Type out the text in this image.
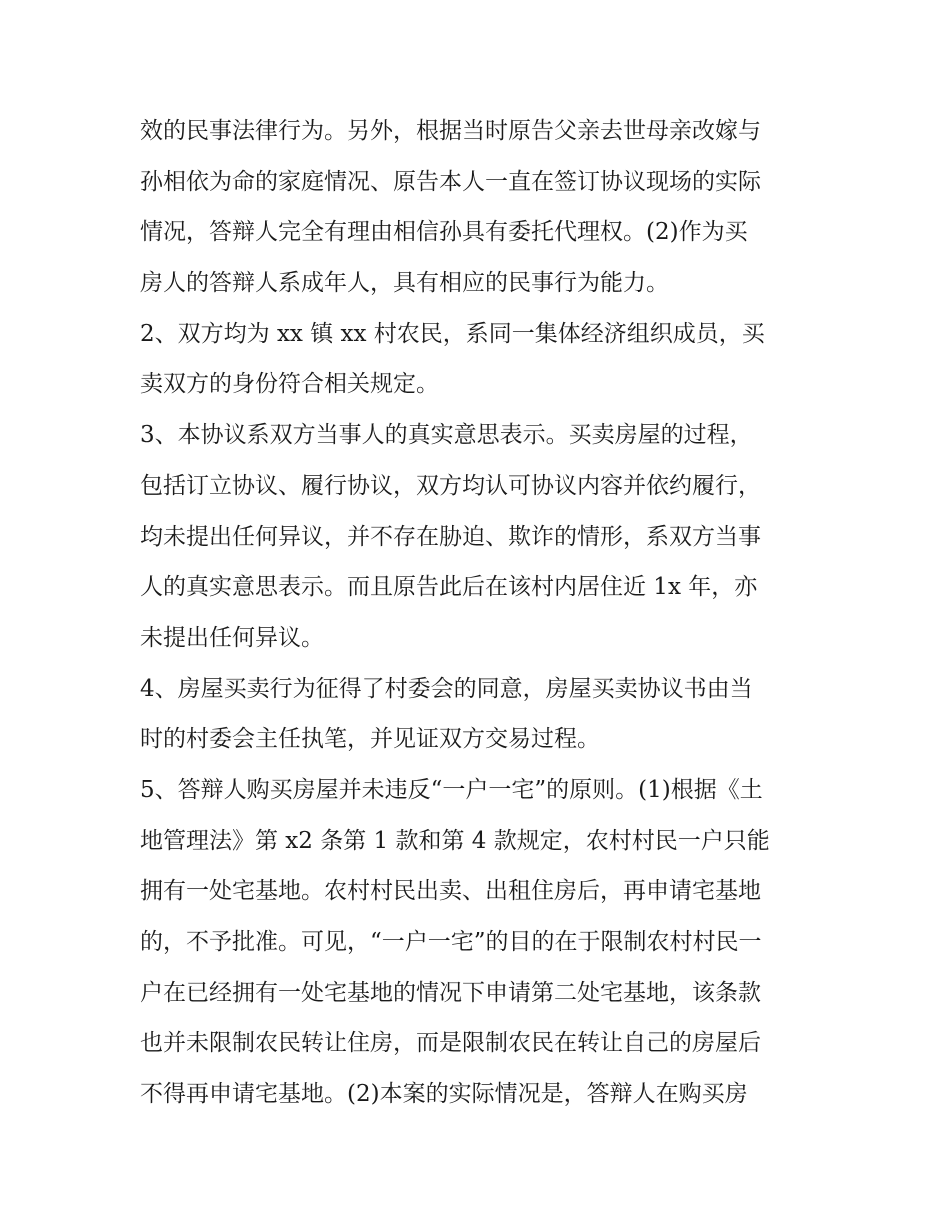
效的民事法律行为。另外，根据当时原告父亲去世母亲改嫁与
孙相依为命的家庭情况、原告本人一直在签订协议现场的实际
情况，答辩人完全有理由相信孙具有委托代理权。(2)作为买
房人的答辩人系成年人，具有相应的民事行为能力。
2、双方均为 xx 镇 xx 村农民，系同一集体经济组织成员，买
卖双方的身份符合相关规定。
3、本协议系双方当事人的真实意思表示。买卖房屋的过程，
包括订立协议、履行协议，双方均认可协议内容并依约履行，
均未提出任何异议，并不存在胁迫、欺诈的情形，系双方当事
人的真实意思表示。而且原告此后在该村内居住近 1x 年，亦
未提出任何异议。
4、房屋买卖行为征得了村委会的同意，房屋买卖协议书由当
时的村委会主任执笔，并见证双方交易过程。
5、答辩人购买房屋并未违反“一户一宅”的原则。(1)根据《土
地管理法》第 x2 条第 1 款和第 4 款规定，农村村民一户只能
拥有一处宅基地。农村村民出卖、出租住房后，再申请宅基地
的，不予批准。可见，“一户一宅”的目的在于限制农村村民一
户在已经拥有一处宅基地的情况下申请第二处宅基地，该条款
也并未限制农民转让住房，而是限制农民在转让自己的房屋后
不得再申请宅基地。(2)本案的实际情况是，答辩人在购买房
